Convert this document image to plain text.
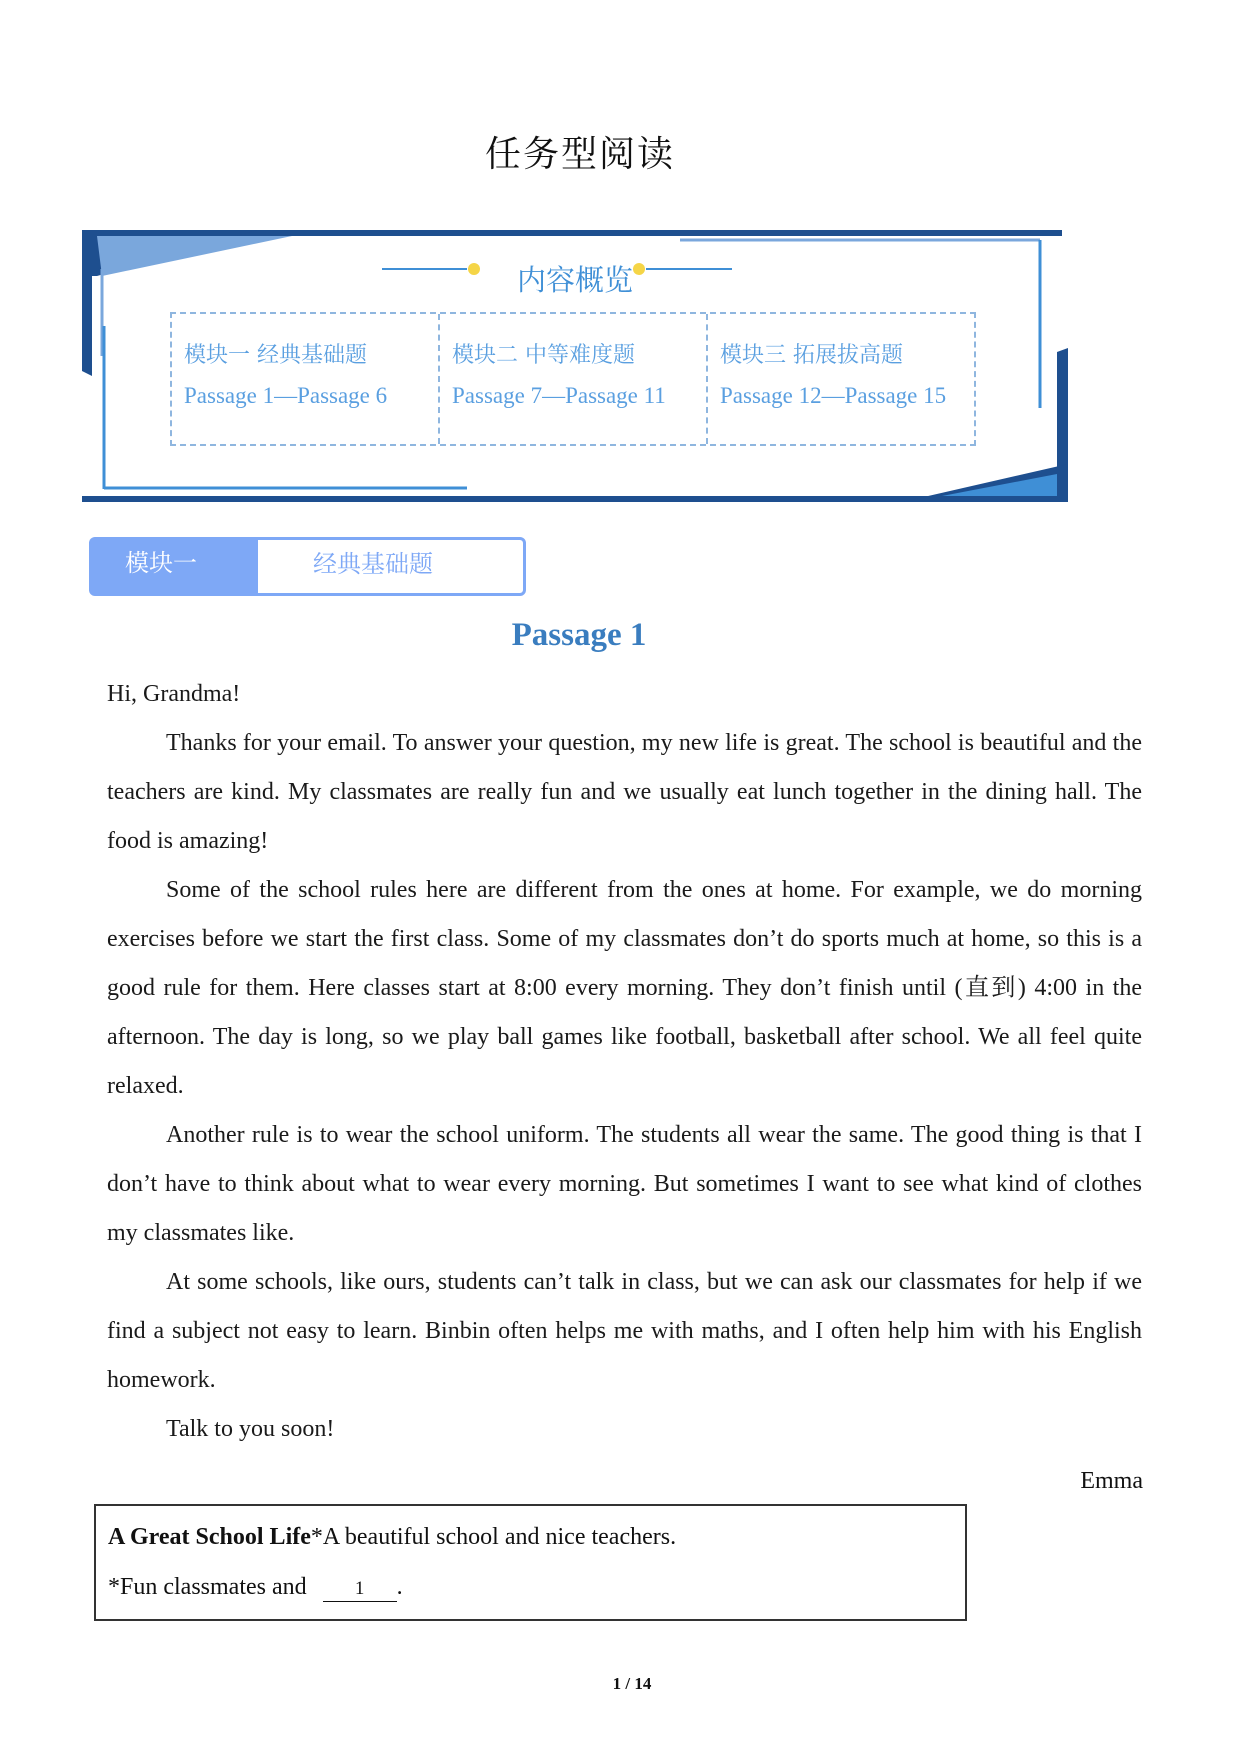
任务型阅读
内容概览
模块一 经典基础题
Passage 1—Passage 6
模块二 中等难度题
Passage 7—Passage 11
模块三 拓展拔高题
Passage 12—Passage 15
模块一	经典基础题
Passage 1
Hi, Grandma!

Thanks for your email. To answer your question, my new life is great. The school is beautiful and the teachers are kind. My classmates are really fun and we usually eat lunch together in the dining hall. The food is amazing!

Some of the school rules here are different from the ones at home. For example, we do morning exercises before we start the first class. Some of my classmates don’t do sports much at home, so this is a good rule for them. Here classes start at 8:00 every morning. They don’t finish until (直到) 4:00 in the afternoon. The day is long, so we play ball games like football, basketball after school. We all feel quite relaxed.

Another rule is to wear the school uniform. The students all wear the same. The good thing is that I don’t have to think about what to wear every morning. But sometimes I want to see what kind of clothes my classmates like.

At some schools, like ours, students can’t talk in class, but we can ask our classmates for help if we find a subject not easy to learn. Binbin often helps me with maths, and I often help him with his English homework.

Talk to you soon!

Emma
A Great School Life*A beautiful school and nice teachers.
*Fun classmates and	1 .
1 / 14
